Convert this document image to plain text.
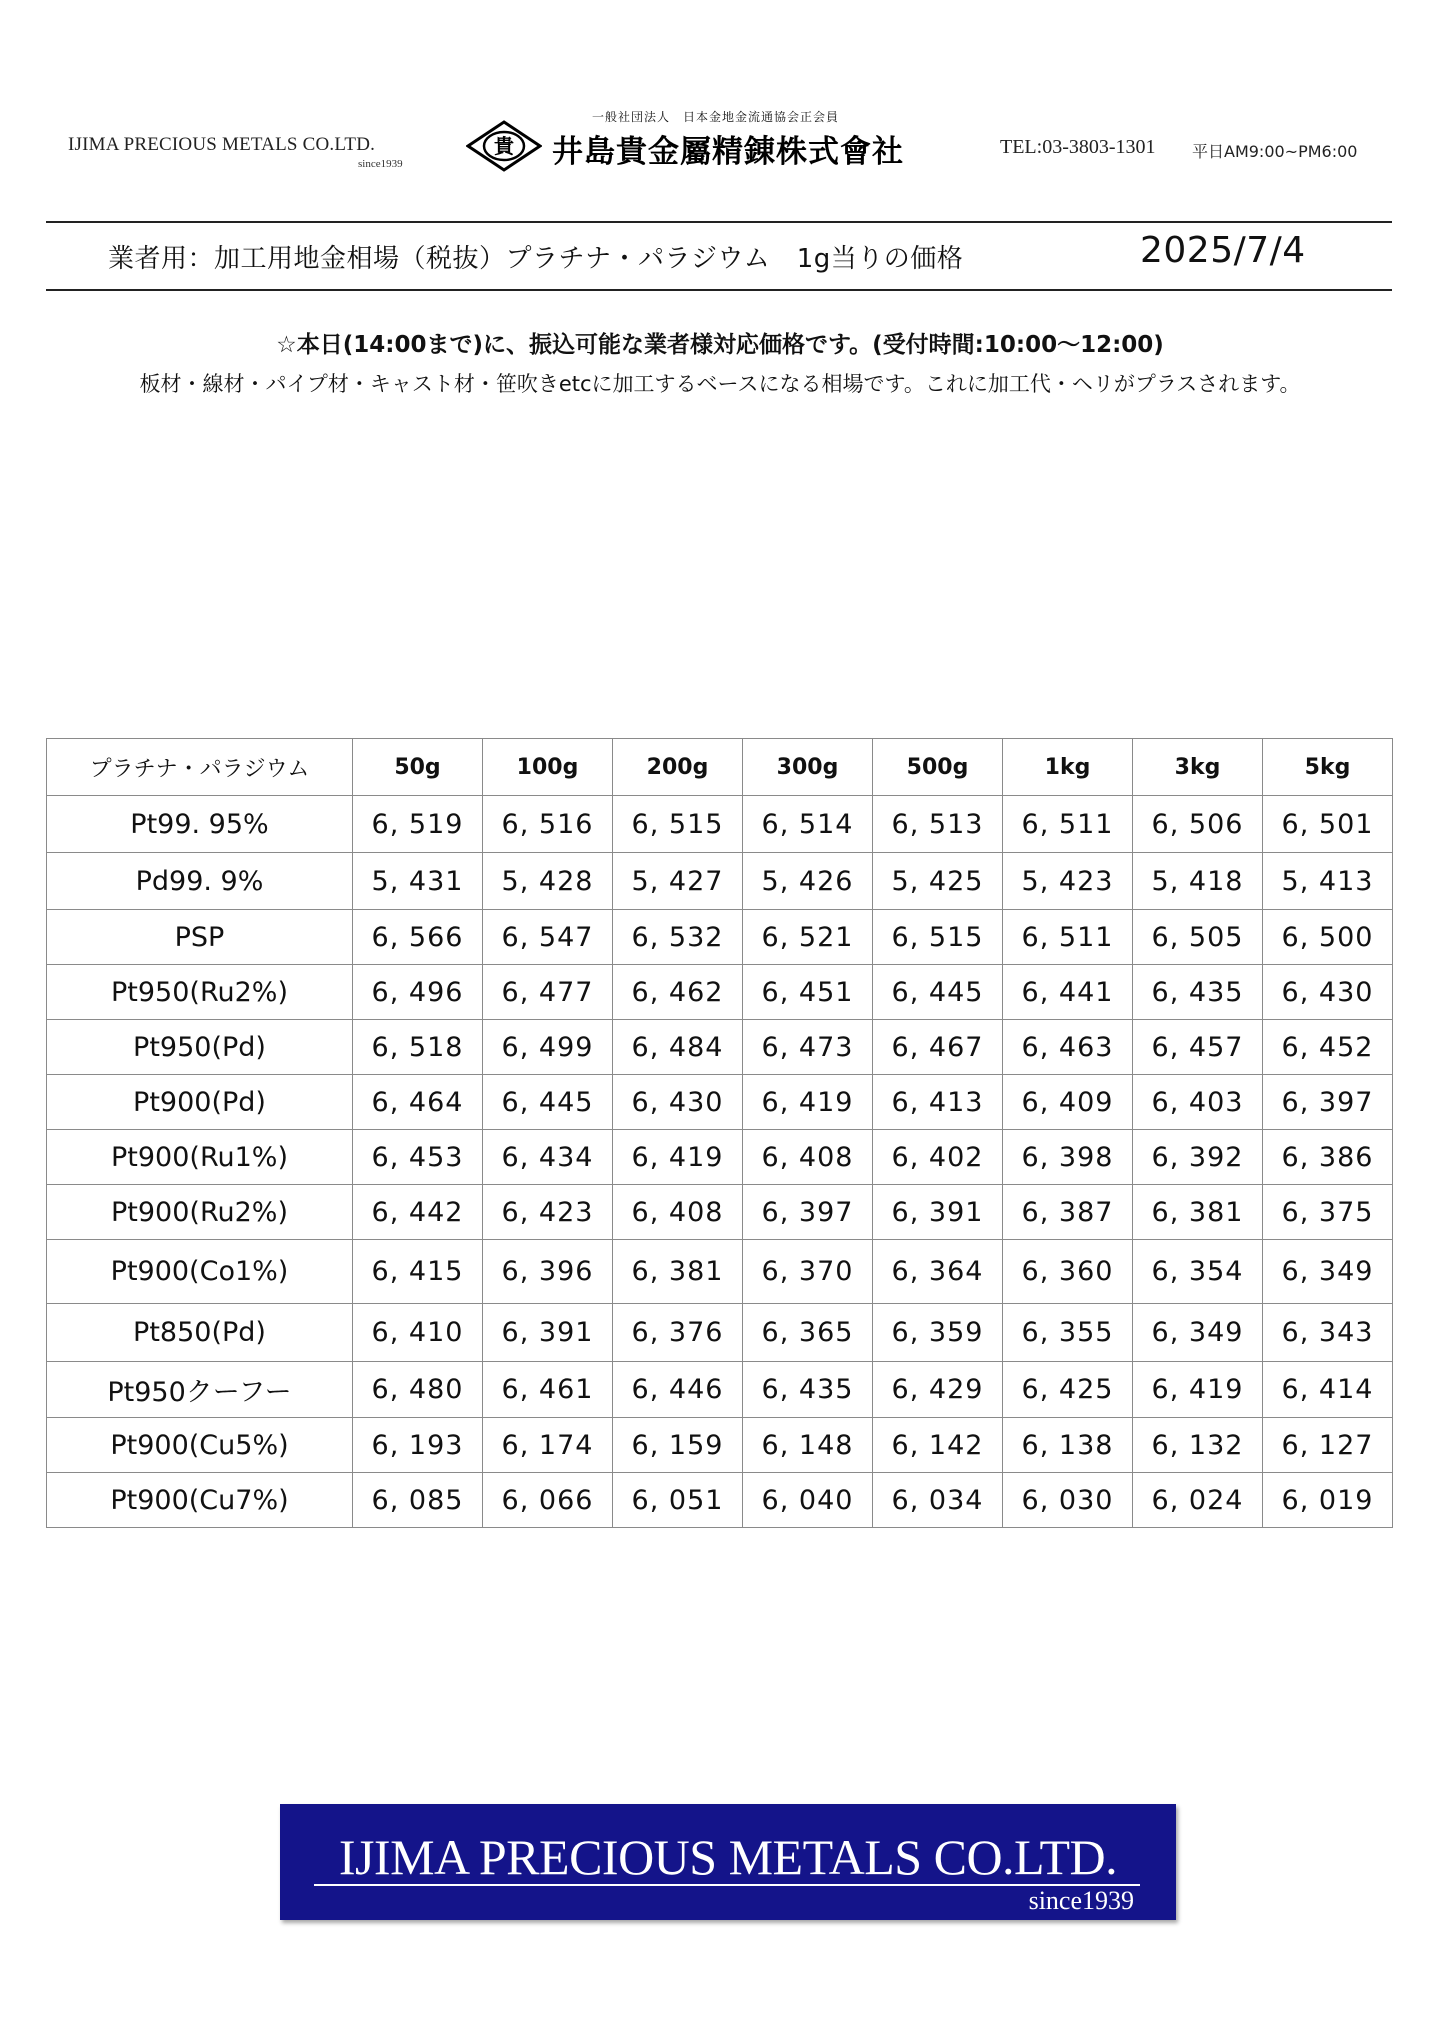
IJIMA PRECIOUS METALS CO.LTD.
since1939
一般社団法人　日本金地金流通協会正会員
貴 井島貴金屬精錬株式會社	TEL:03-3803-1301 平日AM9:00~PM6:00
業者用：加工用地金相場（税抜）プラチナ・パラジウム　1g当りの価格	2025/7/4
☆本日(14:00まで)に、振込可能な業者様対応価格です。(受付時間:10:00〜12:00)
板材・線材・パイプ材・キャスト材・笹吹きetcに加工するベースになる相場です。これに加工代・ヘリがプラスされます。
プラチナ・パラジウム	50g	100g	200g	300g	500g	1kg	3kg	5kg
Pt99. 95%	6, 519	6, 516	6, 515	6, 514	6, 513	6, 511	6, 506	6, 501
Pd99. 9%	5, 431	5, 428	5, 427	5, 426	5, 425	5, 423	5, 418	5, 413
PSP	6, 566	6, 547	6, 532	6, 521	6, 515	6, 511	6, 505	6, 500
Pt950(Ru2%)	6, 496	6, 477	6, 462	6, 451	6, 445	6, 441	6, 435	6, 430
Pt950(Pd)	6, 518	6, 499	6, 484	6, 473	6, 467	6, 463	6, 457	6, 452
Pt900(Pd)	6, 464	6, 445	6, 430	6, 419	6, 413	6, 409	6, 403	6, 397
Pt900(Ru1%)	6, 453	6, 434	6, 419	6, 408	6, 402	6, 398	6, 392	6, 386
Pt900(Ru2%)	6, 442	6, 423	6, 408	6, 397	6, 391	6, 387	6, 381	6, 375
Pt900(Co1%)	6, 415	6, 396	6, 381	6, 370	6, 364	6, 360	6, 354	6, 349
Pt850(Pd)	6, 410	6, 391	6, 376	6, 365	6, 359	6, 355	6, 349	6, 343
Pt950クーフー	6, 480	6, 461	6, 446	6, 435	6, 429	6, 425	6, 419	6, 414
Pt900(Cu5%)	6, 193	6, 174	6, 159	6, 148	6, 142	6, 138	6, 132	6, 127
Pt900(Cu7%)	6, 085	6, 066	6, 051	6, 040	6, 034	6, 030	6, 024	6, 019
IJIMA PRECIOUS METALS CO.LTD.
since1939
